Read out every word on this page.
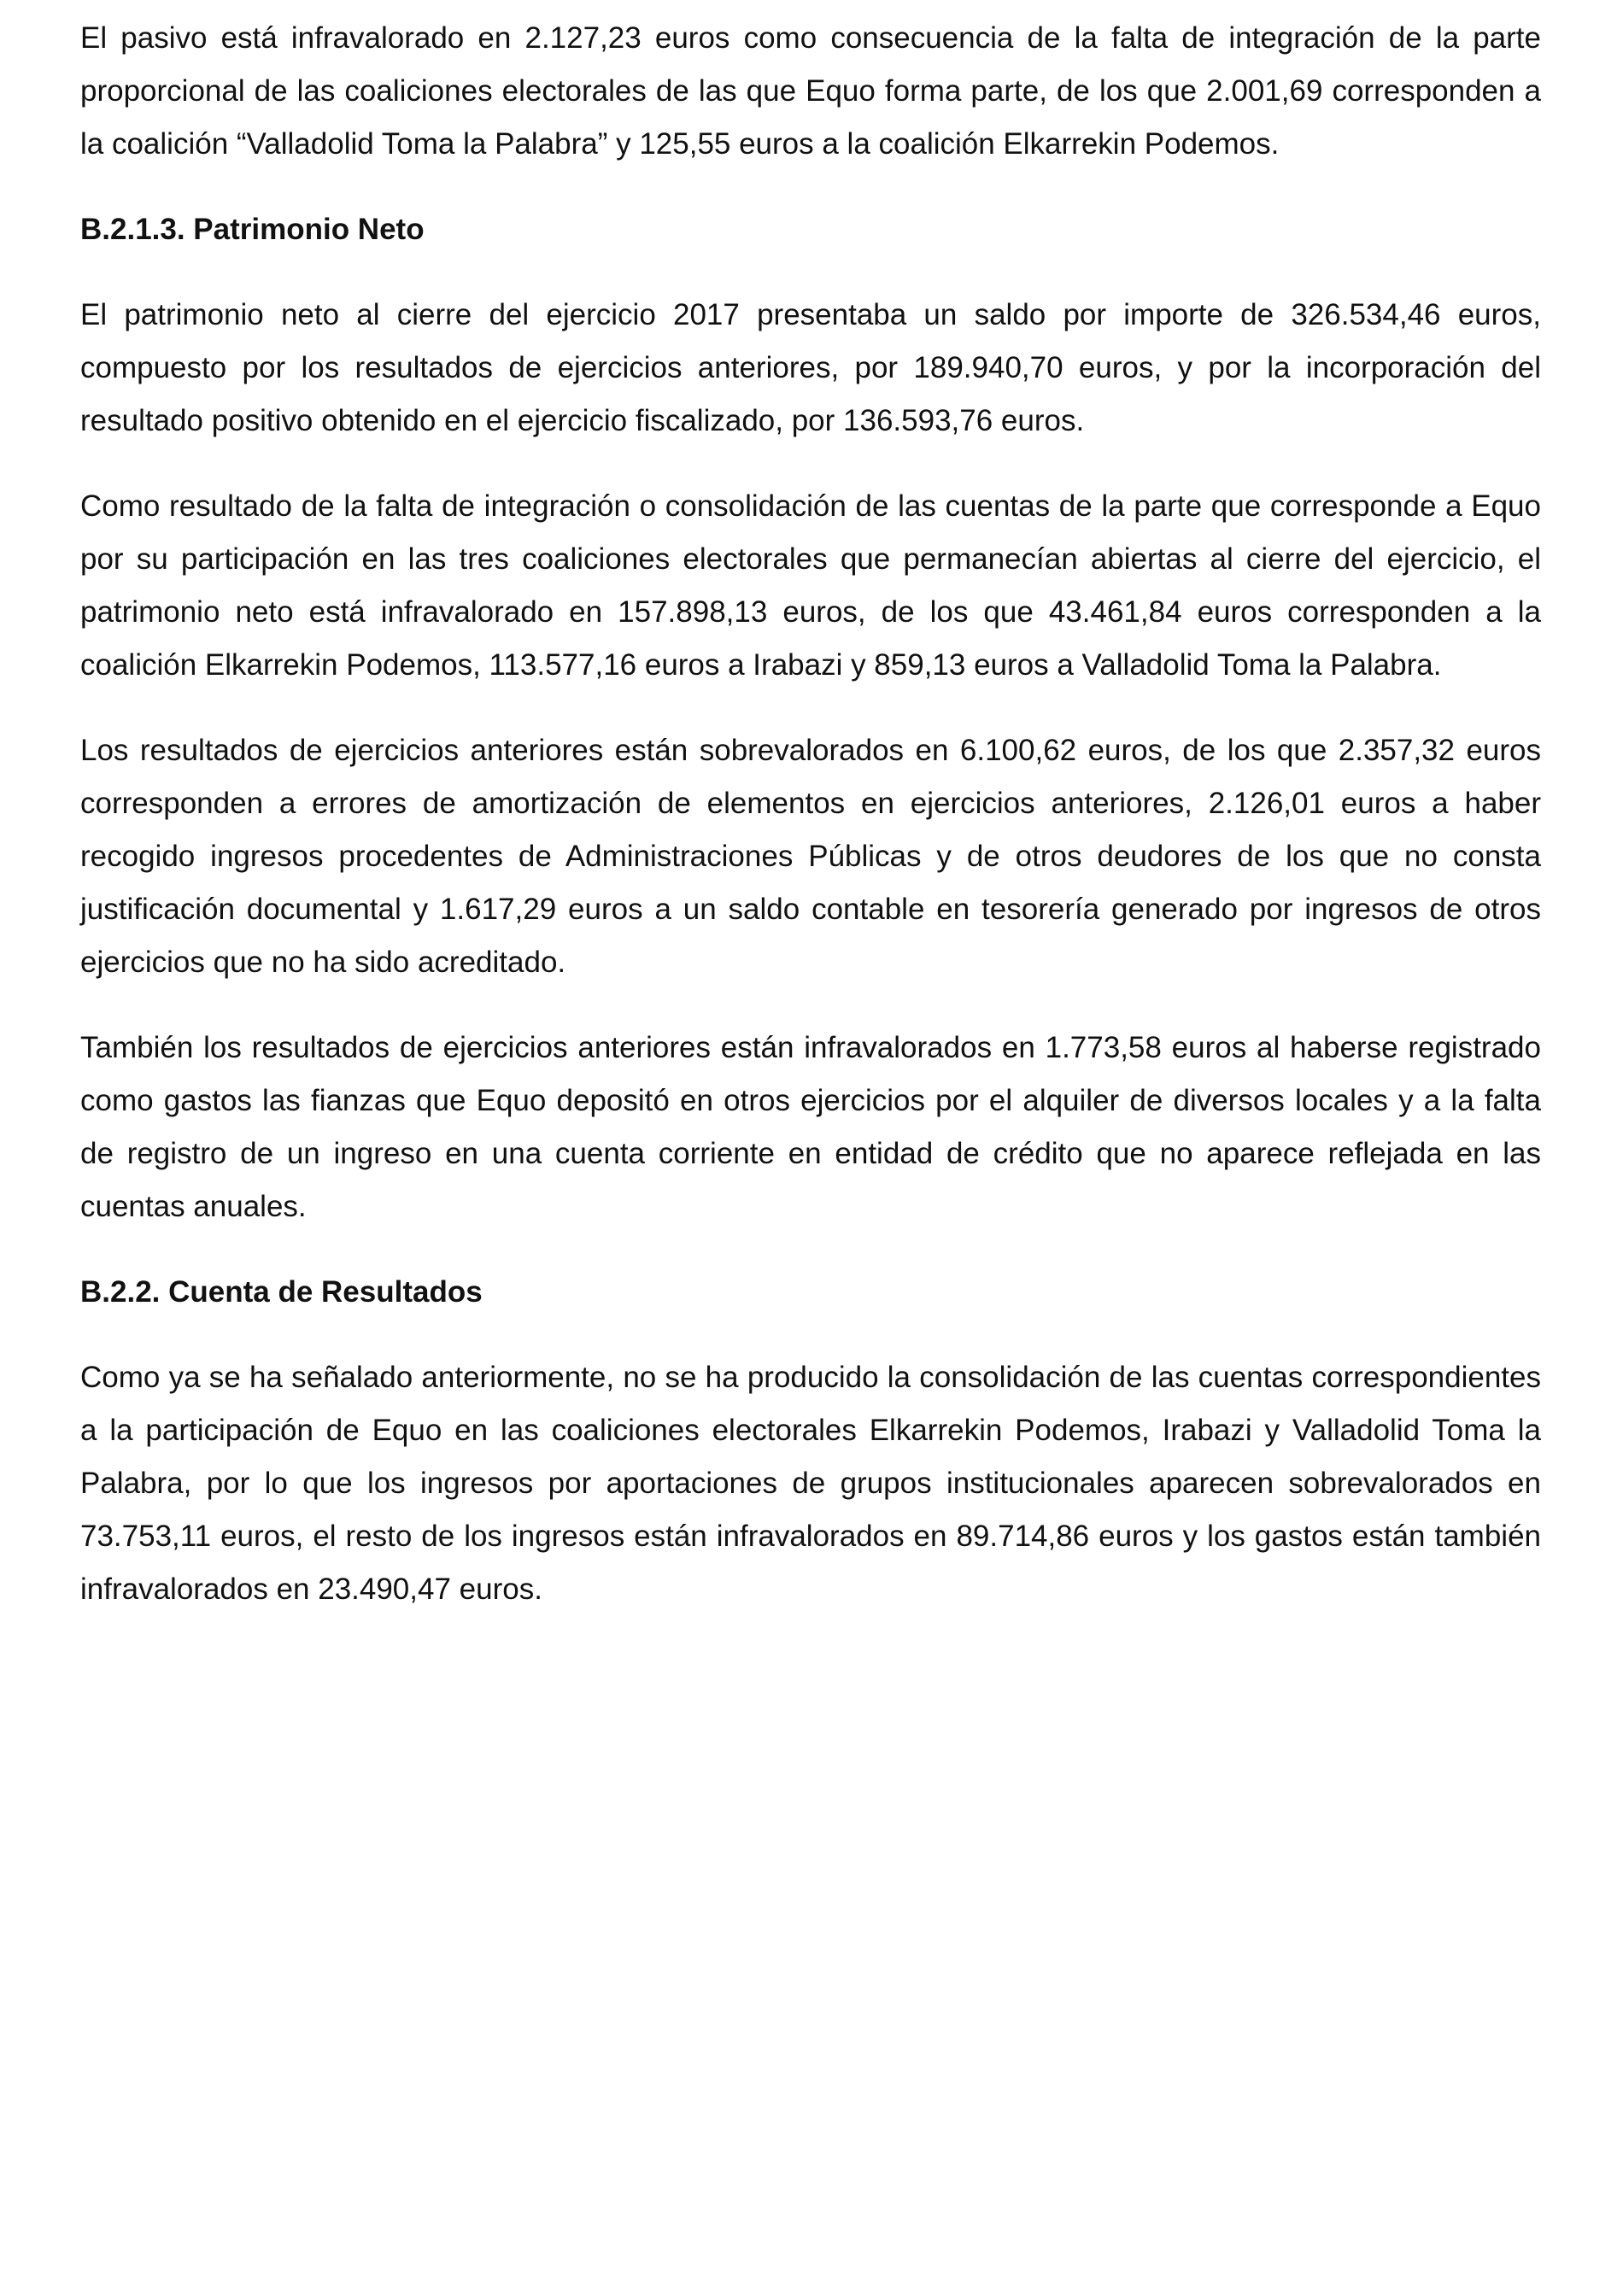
El pasivo está infravalorado en 2.127,23 euros como consecuencia de la falta de integración de la parte proporcional de las coaliciones electorales de las que Equo forma parte, de los que 2.001,69 corresponden a la coalición “Valladolid Toma la Palabra” y 125,55 euros a la coalición Elkarrekin Podemos.

B.2.1.3. Patrimonio Neto

El patrimonio neto al cierre del ejercicio 2017 presentaba un saldo por importe de 326.534,46 euros, compuesto por los resultados de ejercicios anteriores, por 189.940,70 euros, y por la incorporación del resultado positivo obtenido en el ejercicio fiscalizado, por 136.593,76 euros.

Como resultado de la falta de integración o consolidación de las cuentas de la parte que corresponde a Equo por su participación en las tres coaliciones electorales que permanecían abiertas al cierre del ejercicio, el patrimonio neto está infravalorado en 157.898,13 euros, de los que 43.461,84 euros corresponden a la coalición Elkarrekin Podemos, 113.577,16 euros a Irabazi y 859,13 euros a Valladolid Toma la Palabra.

Los resultados de ejercicios anteriores están sobrevalorados en 6.100,62 euros, de los que 2.357,32 euros corresponden a errores de amortización de elementos en ejercicios anteriores, 2.126,01 euros a haber recogido ingresos procedentes de Administraciones Públicas y de otros deudores de los que no consta justificación documental y 1.617,29 euros a un saldo contable en tesorería generado por ingresos de otros ejercicios que no ha sido acreditado.

También los resultados de ejercicios anteriores están infravalorados en 1.773,58 euros al haberse registrado como gastos las fianzas que Equo depositó en otros ejercicios por el alquiler de diversos locales y a la falta de registro de un ingreso en una cuenta corriente en entidad de crédito que no aparece reflejada en las cuentas anuales.

B.2.2. Cuenta de Resultados

Como ya se ha señalado anteriormente, no se ha producido la consolidación de las cuentas correspondientes a la participación de Equo en las coaliciones electorales Elkarrekin Podemos, Irabazi y Valladolid Toma la Palabra, por lo que los ingresos por aportaciones de grupos institucionales aparecen sobrevalorados en 73.753,11 euros, el resto de los ingresos están infravalorados en 89.714,86 euros y los gastos están también infravalorados en 23.490,47 euros.
